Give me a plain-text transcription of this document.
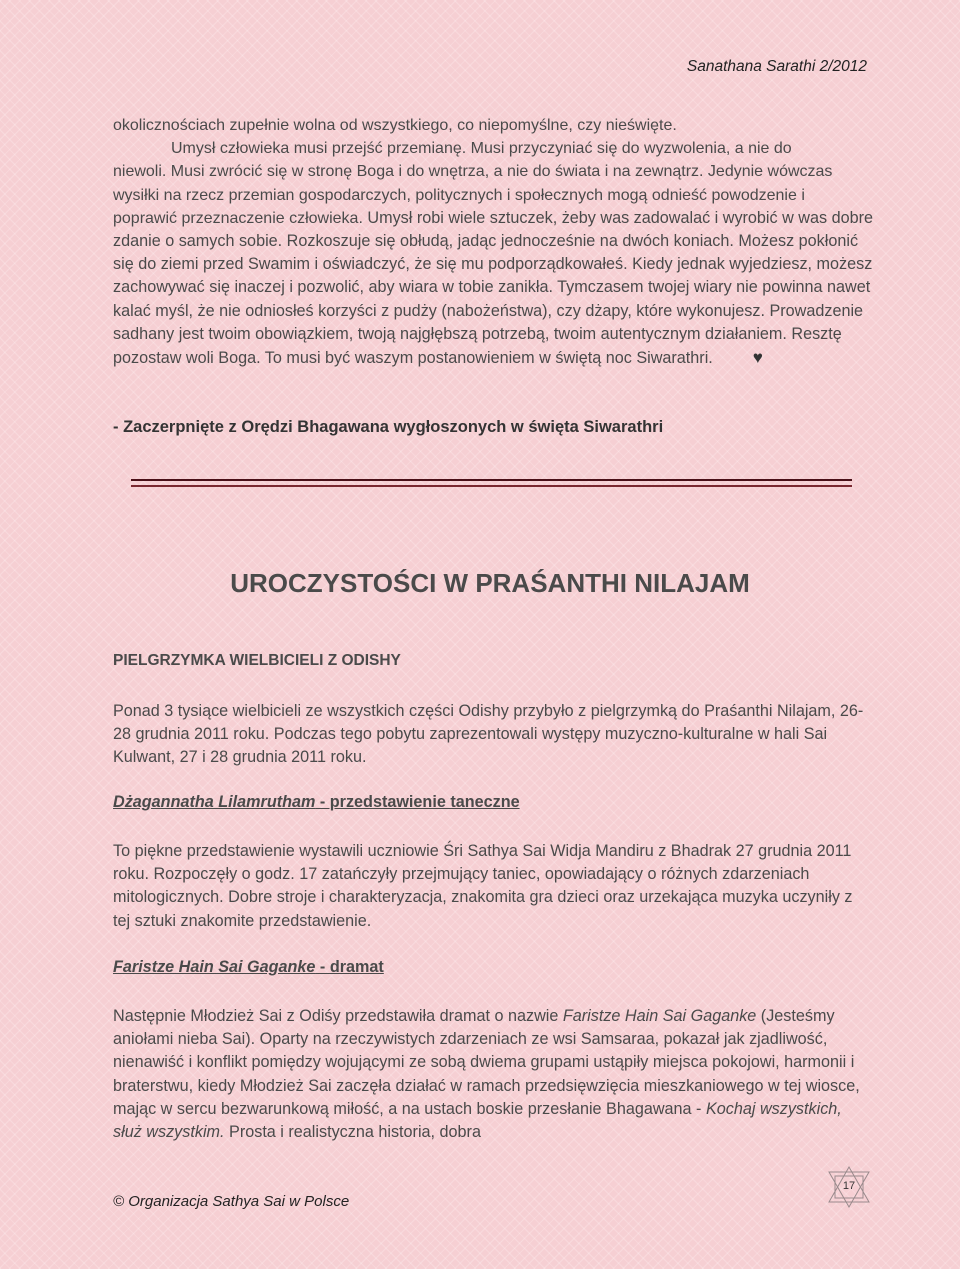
Sanathana Sarathi 2/2012

okolicznościach zupełnie wolna od wszystkiego, co niepomyślne, czy nieświęte.
Umysł człowieka musi przejść przemianę. Musi przyczyniać się do wyzwolenia, a nie do
niewoli. Musi zwrócić się w stronę Boga i do wnętrza, a nie do świata i na zewnątrz. Jedynie wówczas wysiłki na rzecz przemian gospodarczych, politycznych i społecznych mogą odnieść powodzenie i poprawić przeznaczenie człowieka. Umysł robi wiele sztuczek, żeby was zadowalać i wyrobić w was dobre zdanie o samych sobie. Rozkoszuje się obłudą, jadąc jednocześnie na dwóch koniach. Możesz pokłonić się do ziemi przed Swamim i oświadczyć, że się mu podporządkowałeś. Kiedy jednak wyjedziesz, możesz zachowywać się inaczej i pozwolić, aby wiara w tobie zanikła. Tymczasem twojej wiary nie powinna nawet kalać myśl, że nie odniosłeś korzyści z pudży (nabożeństwa), czy dżapy, które wykonujesz. Prowadzenie sadhany jest twoim obowiązkiem, twoją najgłębszą potrzebą, twoim autentycznym działaniem. Resztę pozostaw woli Boga. To musi być waszym postanowieniem w świętą noc Siwarathri. ♥

- Zaczerpnięte z Orędzi Bhagawana wygłoszonych w święta Siwarathri

UROCZYSTOŚCI W PRAŚANTHI NILAJAM
PIELGRZYMKA WIELBICIELI Z ODISHY

Ponad 3 tysiące wielbicieli ze wszystkich części Odishy przybyło z pielgrzymką do Praśanthi Nilajam, 26-28 grudnia 2011 roku. Podczas tego pobytu zaprezentowali występy muzyczno-kulturalne w hali Sai Kulwant, 27 i 28 grudnia 2011 roku.

Dżagannatha Lilamrutham - przedstawienie taneczne

To piękne przedstawienie wystawili uczniowie Śri Sathya Sai Widja Mandiru z Bhadrak 27 grudnia 2011 roku. Rozpoczęły o godz. 17 zatańczyły przejmujący taniec, opowiadający o różnych zdarzeniach mitologicznych. Dobre stroje i charakteryzacja, znakomita gra dzieci oraz urzekająca muzyka uczyniły z tej sztuki znakomite przedstawienie.

Faristze Hain Sai Gaganke - dramat

Następnie Młodzież Sai z Odiśy przedstawiła dramat o nazwie Faristze Hain Sai Gaganke (Jesteśmy aniołami nieba Sai). Oparty na rzeczywistych zdarzeniach ze wsi Samsaraa, pokazał jak zjadliwość, nienawiść i konflikt pomiędzy wojującymi ze sobą dwiema grupami ustąpiły miejsca pokojowi, harmonii i braterstwu, kiedy Młodzież Sai zaczęła działać w ramach przedsięwzięcia mieszkaniowego w tej wiosce, mając w sercu bezwarunkową miłość, a na ustach boskie przesłanie Bhagawana - Kochaj wszystkich, służ wszystkim. Prosta i realistyczna historia, dobra

© Organizacja Sathya Sai w Polsce
17
